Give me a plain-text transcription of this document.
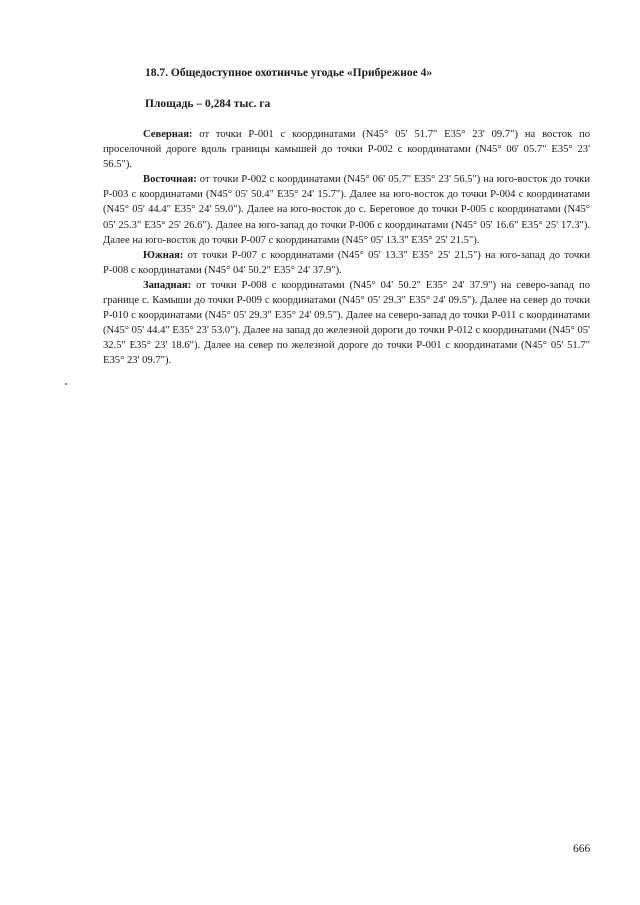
18.7. Общедоступное охотничье угодье «Прибрежное 4»
Площадь – 0,284 тыс. га

Северная: от точки Р-001 с координатами (N45° 05' 51.7" E35° 23' 09.7") на восток по проселочной дороге вдоль границы камышей до точки Р-002 с координатами (N45° 06' 05.7" E35° 23' 56.5").

Восточная: от точки Р-002 с координатами (N45° 06' 05.7" E35° 23' 56.5") на юго-восток до точки Р-003 с координатами (N45° 05' 50.4" E35° 24' 15.7"). Далее на юго-восток до точки Р-004 с координатами (N45° 05' 44.4" E35° 24' 59.0"). Далее на юго-восток до с. Береговое до точки Р-005 с координатами (N45° 05' 25.3" E35° 25' 26.6"). Далее на юго-запад до точки Р-006 с координатами (N45° 05' 16.6" E35° 25' 17.3"). Далее на юго-восток до точки Р-007 с координатами (N45° 05' 13.3" E35° 25' 21.5").

Южная: от точки Р-007 с координатами (N45° 05' 13.3" E35° 25' 21.5") на юго-запад до точки Р-008 с координатами (N45° 04' 50.2" E35° 24' 37.9").

Западная: от точки Р-008 с координатами (N45° 04' 50.2" E35° 24' 37.9") на северо-запад по границе с. Камыши до точки Р-009 с координатами (N45° 05' 29.3" E35° 24' 09.5"). Далее на север до точки Р-010 с координатами (N45° 05' 29.3" E35° 24' 09.5"). Далее на северо-запад до точки Р-011 с координатами (N45° 05' 44.4" E35° 23' 53.0"). Далее на запад до железной дороги до точки Р-012 с координатами (N45° 05' 32.5" E35° 23' 18.6"). Далее на север по железной дороге до точки Р-001 с координатами (N45° 05' 51.7" E35° 23' 09.7").

666
